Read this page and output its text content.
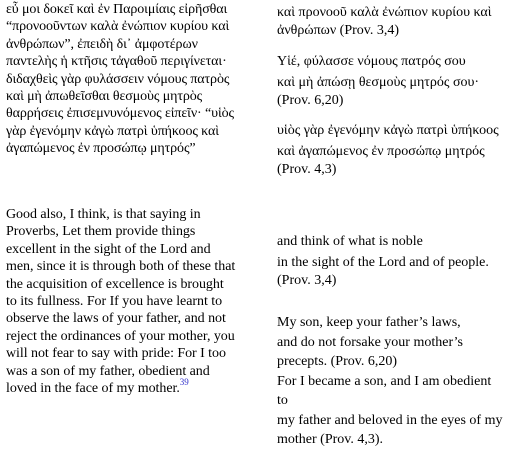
εὖ μοι δοκεῖ καὶ ἐν Παροιμίαις εἰρῆσθαι
“προνοοῦντων καλὰ ἐνώπιον κυρίου καὶ
ἀνθρώπων”, ἐπειδὴ δι᾽ ἀμφοτέρων
παντελὴς ἡ κτῆσις τἀγαθοῦ περιγίνεται·
διδαχθεὶς γὰρ φυλάσσειν νόμους πατρὸς
καὶ μὴ ἀπωθεῖσθαι θεσμοὺς μητρὸς
θαρρήσεις ἐπισεμνυνόμενος εἰπεῖν· “υἱὸς
γὰρ ἐγενόμην κἀγὼ πατρὶ ὑπήκοος καὶ
ἀγαπώμενος ἐν προσώπῳ μητρός”
Good also, I think, is that saying in
Proverbs, Let them provide things
excellent in the sight of the Lord and
men, since it is through both of these that
the acquisition of excellence is brought
to its fullness. For If you have learnt to
observe the laws of your father, and not
reject the ordinances of your mother, you
will not fear to say with pride: For I too
was a son of my father, obedient and
loved in the face of my mother.$^{39}$
καὶ προνοοῦ καλὰ ἐνώπιον κυρίου καὶ
ἀνθρώπων (Prov. 3,4)
Υἱέ, φύλασσε νόμους πατρός σου
καὶ μὴ ἀπώσῃ θεσμοὺς μητρός σου·
(Prov. 6,20)
υἱὸς γὰρ ἐγενόμην κἀγὼ πατρὶ ὑπήκοος
καὶ ἀγαπώμενος ἐν προσώπῳ μητρός
(Prov. 4,3)
and think of what is noble
in the sight of the Lord and of people.
(Prov. 3,4)
My son, keep your father’s laws,
and do not forsake your mother’s
precepts. (Prov. 6,20)
For I became a son, and I am obedient
to
my father and beloved in the eyes of my
mother (Prov. 4,3).
